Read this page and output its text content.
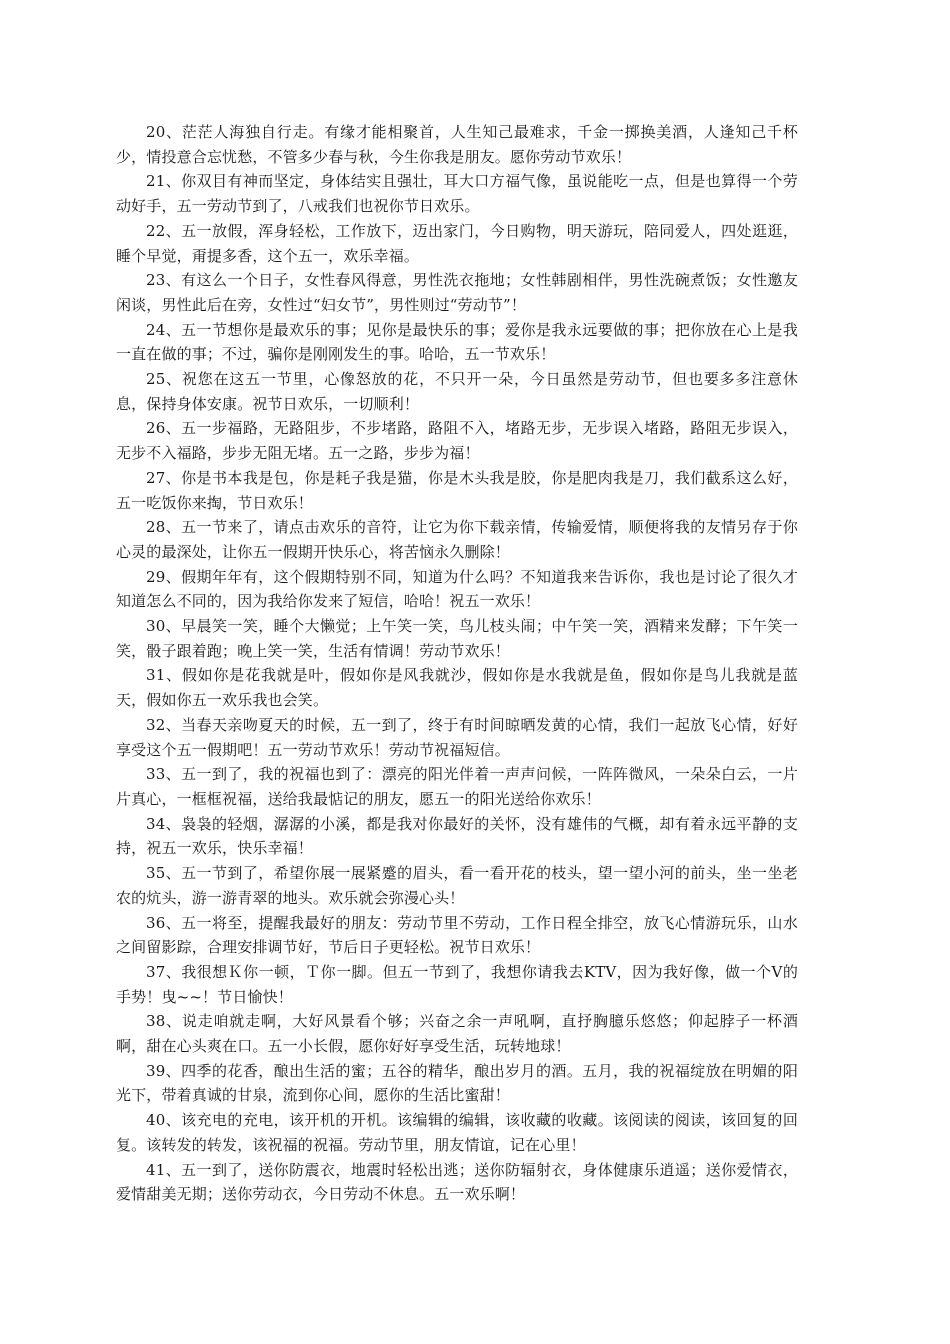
20、茫茫人海独自行走。有缘才能相聚首，人生知己最难求，千金一掷换美酒，人逢知己千杯少，情投意合忘忧愁，不管多少春与秋，今生你我是朋友。愿你劳动节欢乐！

21、你双目有神而坚定，身体结实且强壮，耳大口方福气像，虽说能吃一点，但是也算得一个劳动好手，五一劳动节到了，八戒我们也祝你节日欢乐。

22、五一放假，浑身轻松，工作放下，迈出家门，今日购物，明天游玩，陪同爱人，四处逛逛，睡个早觉，甭提多香，这个五一，欢乐幸福。

23、有这么一个日子，女性春风得意，男性洗衣拖地；女性韩剧相伴，男性洗碗煮饭；女性邀友闲谈，男性此后在旁，女性过“妇女节”，男性则过“劳动节”！

24、五一节想你是最欢乐的事；见你是最快乐的事；爱你是我永远要做的事；把你放在心上是我一直在做的事；不过，骗你是刚刚发生的事。哈哈，五一节欢乐！

25、祝您在这五一节里，心像怒放的花，不只开一朵，今日虽然是劳动节，但也要多多注意休息，保持身体安康。祝节日欢乐，一切顺利！

26、五一步福路，无路阻步，不步堵路，路阻不入，堵路无步，无步误入堵路，路阻无步误入，无步不入福路，步步无阻无堵。五一之路，步步为福！

27、你是书本我是包，你是耗子我是猫，你是木头我是胶，你是肥肉我是刀，我们截系这么好，五一吃饭你来掏，节日欢乐！

28、五一节来了，请点击欢乐的音符，让它为你下载亲情，传输爱情，顺便将我的友情另存于你心灵的最深处，让你五一假期开快乐心，将苦恼永久删除！

29、假期年年有，这个假期特别不同，知道为什么吗？不知道我来告诉你，我也是讨论了很久才知道怎么不同的，因为我给你发来了短信，哈哈！祝五一欢乐！

30、早晨笑一笑，睡个大懒觉；上午笑一笑，鸟儿枝头闹；中午笑一笑，酒精来发酵；下午笑一笑，骰子跟着跑；晚上笑一笑，生活有情调！劳动节欢乐！

31、假如你是花我就是叶，假如你是风我就沙，假如你是水我就是鱼，假如你是鸟儿我就是蓝天，假如你五一欢乐我也会笑。

32、当春天亲吻夏天的时候，五一到了，终于有时间晾晒发黄的心情，我们一起放飞心情，好好享受这个五一假期吧！五一劳动节欢乐！劳动节祝福短信。

33、五一到了，我的祝福也到了：漂亮的阳光伴着一声声问候，一阵阵微风，一朵朵白云，一片片真心，一框框祝福，送给我最惦记的朋友，愿五一的阳光送给你欢乐！

34、袅袅的轻烟，潺潺的小溪，都是我对你最好的关怀，没有雄伟的气概，却有着永远平静的支持，祝五一欢乐，快乐幸福！

35、五一节到了，希望你展一展紧蹙的眉头，看一看开花的枝头，望一望小河的前头，坐一坐老农的炕头，游一游青翠的地头。欢乐就会弥漫心头！

36、五一将至，提醒我最好的朋友：劳动节里不劳动，工作日程全排空，放飞心情游玩乐，山水之间留影踪，合理安排调节好，节后日子更轻松。祝节日欢乐！

37、我很想Ｋ你一顿，Ｔ你一脚。但五一节到了，我想你请我去KTV，因为我好像，做一个V的手势！曳~~！节日愉快！

38、说走咱就走啊，大好风景看个够；兴奋之余一声吼啊，直抒胸臆乐悠悠；仰起脖子一杯酒啊，甜在心头爽在口。五一小长假，愿你好好享受生活，玩转地球！

39、四季的花香，酿出生活的蜜；五谷的精华，酿出岁月的酒。五月，我的祝福绽放在明媚的阳光下，带着真诚的甘泉，流到你心间，愿你的生活比蜜甜！

40、该充电的充电，该开机的开机。该编辑的编辑，该收藏的收藏。该阅读的阅读，该回复的回复。该转发的转发，该祝福的祝福。劳动节里，朋友情谊，记在心里！

41、五一到了，送你防震衣，地震时轻松出逃；送你防辐射衣，身体健康乐逍遥；送你爱情衣，爱情甜美无期；送你劳动衣，今日劳动不休息。五一欢乐啊！
